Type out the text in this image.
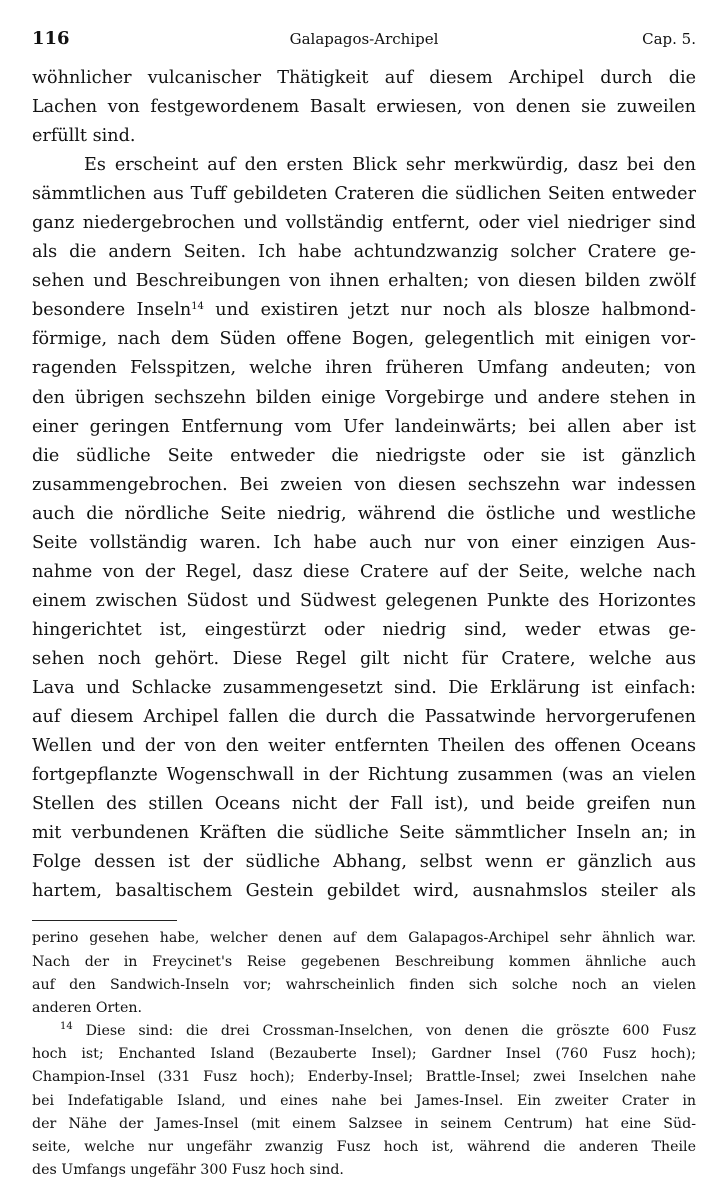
116	Galapagos-Archipel	Cap. 5.
wöhnlicher vulcanischer Thätigkeit auf diesem Archipel durch die
Lachen von festgewordenem Basalt erwiesen, von denen sie zuweilen
erfüllt sind.
Es erscheint auf den ersten Blick sehr merkwürdig, dasz bei den
sämmtlichen aus Tuff gebildeten Crateren die südlichen Seiten entweder
ganz niedergebrochen und vollständig entfernt, oder viel niedriger sind
als die andern Seiten. Ich habe achtundzwanzig solcher Cratere ge-
sehen und Beschreibungen von ihnen erhalten; von diesen bilden zwölf
besondere Inseln$^{14}$ und existiren jetzt nur noch als blosze halbmond-
förmige, nach dem Süden offene Bogen, gelegentlich mit einigen vor-
ragenden Felsspitzen, welche ihren früheren Umfang andeuten; von
den übrigen sechszehn bilden einige Vorgebirge und andere stehen in
einer geringen Entfernung vom Ufer landeinwärts; bei allen aber ist
die südliche Seite entweder die niedrigste oder sie ist gänzlich
zusammengebrochen. Bei zweien von diesen sechszehn war indessen
auch die nördliche Seite niedrig, während die östliche und westliche
Seite vollständig waren. Ich habe auch nur von einer einzigen Aus-
nahme von der Regel, dasz diese Cratere auf der Seite, welche nach
einem zwischen Südost und Südwest gelegenen Punkte des Horizontes
hingerichtet ist, eingestürzt oder niedrig sind, weder etwas ge-
sehen noch gehört. Diese Regel gilt nicht für Cratere, welche aus
Lava und Schlacke zusammengesetzt sind. Die Erklärung ist einfach:
auf diesem Archipel fallen die durch die Passatwinde hervorgerufenen
Wellen und der von den weiter entfernten Theilen des offenen Oceans
fortgepflanzte Wogenschwall in der Richtung zusammen (was an vielen
Stellen des stillen Oceans nicht der Fall ist), und beide greifen nun
mit verbundenen Kräften die südliche Seite sämmtlicher Inseln an; in
Folge dessen ist der südliche Abhang, selbst wenn er gänzlich aus
hartem, basaltischem Gestein gebildet wird, ausnahmslos steiler als
perino gesehen habe, welcher denen auf dem Galapagos-Archipel sehr ähnlich war.
Nach der in Freycinet's Reise gegebenen Beschreibung kommen ähnliche auch
auf den Sandwich-Inseln vor; wahrscheinlich finden sich solche noch an vielen
anderen Orten.
$^{14}$ Diese sind: die drei Crossman-Inselchen, von denen die gröszte 600 Fusz
hoch ist; Enchanted Island (Bezauberte Insel); Gardner Insel (760 Fusz hoch);
Champion-Insel (331 Fusz hoch); Enderby-Insel; Brattle-Insel; zwei Inselchen nahe
bei Indefatigable Island, und eines nahe bei James-Insel. Ein zweiter Crater in
der Nähe der James-Insel (mit einem Salzsee in seinem Centrum) hat eine Süd-
seite, welche nur ungefähr zwanzig Fusz hoch ist, während die anderen Theile
des Umfangs ungefähr 300 Fusz hoch sind.
